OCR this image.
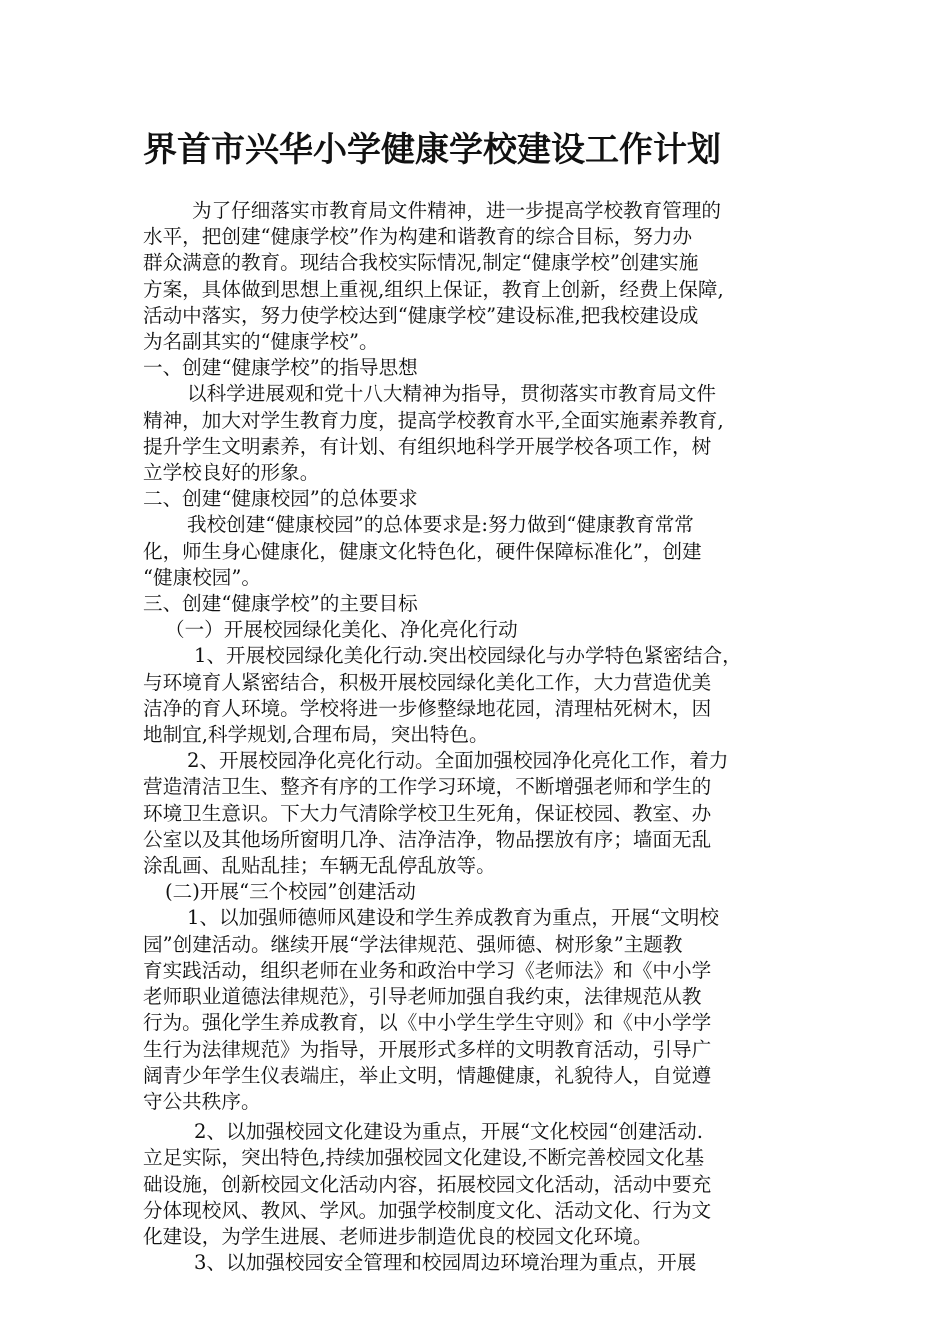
界首市兴华小学健康学校建设工作计划

为了仔细落实市教育局文件精神，进一步提高学校教育管理的

水平，把创建“健康学校”作为构建和谐教育的综合目标，努力办

群众满意的教育。现结合我校实际情况,制定“健康学校”创建实施

方案，具体做到思想上重视,组织上保证，教育上创新，经费上保障,

活动中落实，努力使学校达到“健康学校”建设标准,把我校建设成

为名副其实的“健康学校”。

一、创建“健康学校”的指导思想

以科学进展观和党十八大精神为指导，贯彻落实市教育局文件

精神，加大对学生教育力度，提高学校教育水平,全面实施素养教育,

提升学生文明素养，有计划、有组织地科学开展学校各项工作，树

立学校良好的形象。

二、创建“健康校园”的总体要求

我校创建“健康校园”的总体要求是:努力做到“健康教育常常

化，师生身心健康化，健康文化特色化，硬件保障标准化”，创建

“健康校园”。

三、创建“健康学校”的主要目标

（一）开展校园绿化美化、净化亮化行动

1、开展校园绿化美化行动.突出校园绿化与办学特色紧密结合，

与环境育人紧密结合，积极开展校园绿化美化工作，大力营造优美

洁净的育人环境。学校将进一步修整绿地花园，清理枯死树木，因

地制宜,科学规划,合理布局，突出特色。

2、开展校园净化亮化行动。全面加强校园净化亮化工作，着力

营造清洁卫生、整齐有序的工作学习环境，不断增强老师和学生的

环境卫生意识。下大力气清除学校卫生死角，保证校园、教室、办

公室以及其他场所窗明几净、洁净洁净，物品摆放有序；墙面无乱

涂乱画、乱贴乱挂；车辆无乱停乱放等。

(二)开展“三个校园”创建活动

1、以加强师德师风建设和学生养成教育为重点，开展“文明校

园”创建活动。继续开展“学法律规范、强师德、树形象”主题教

育实践活动，组织老师在业务和政治中学习《老师法》和《中小学

老师职业道德法律规范》，引导老师加强自我约束，法律规范从教

行为。强化学生养成教育，以《中小学生学生守则》和《中小学学

生行为法律规范》为指导，开展形式多样的文明教育活动，引导广

阔青少年学生仪表端庄，举止文明，情趣健康，礼貌待人，自觉遵

守公共秩序。

2、以加强校园文化建设为重点，开展“文化校园“创建活动.

立足实际，突出特色,持续加强校园文化建设,不断完善校园文化基

础设施，创新校园文化活动内容，拓展校园文化活动，活动中要充

分体现校风、教风、学风。加强学校制度文化、活动文化、行为文

化建设，为学生进展、老师进步制造优良的校园文化环境。

3、以加强校园安全管理和校园周边环境治理为重点，开展
